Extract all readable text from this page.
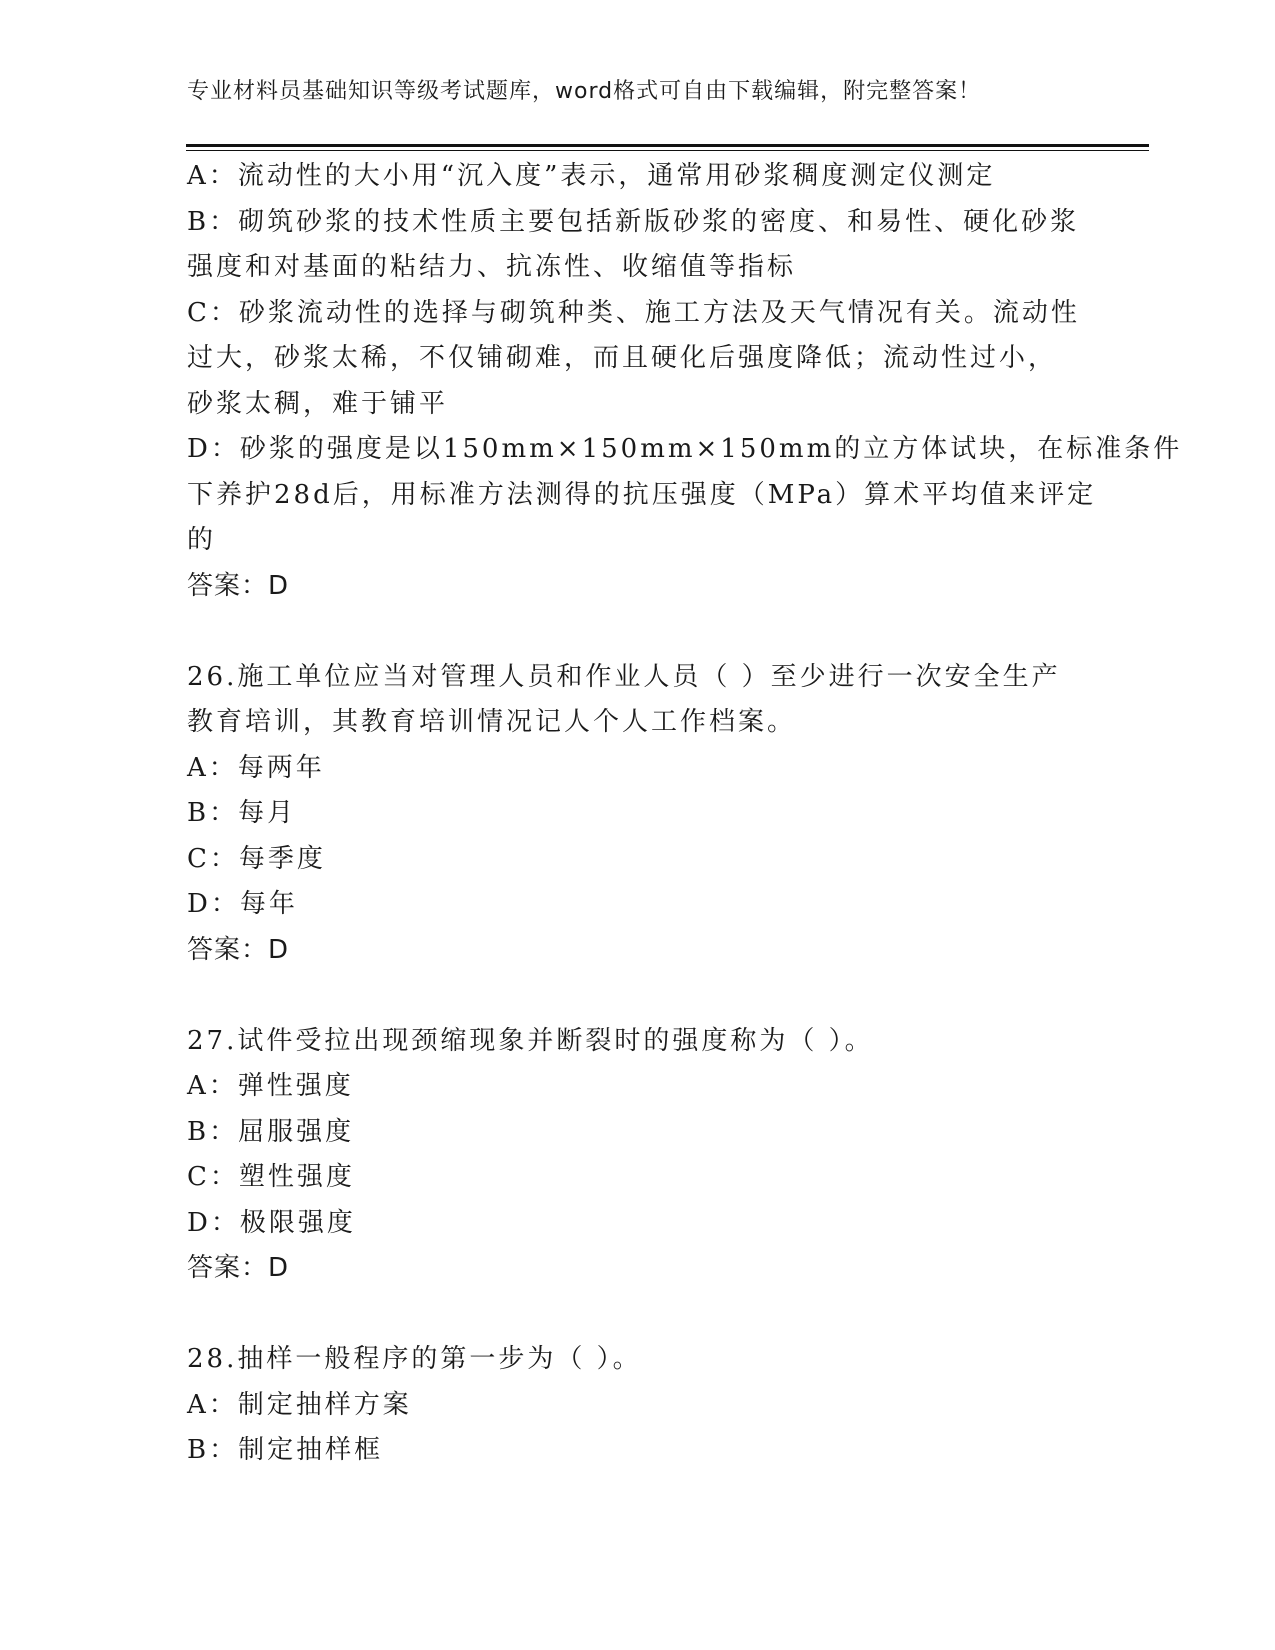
专业材料员基础知识等级考试题库，word格式可自由下载编辑，附完整答案！
A：流动性的大小用“沉入度”表示，通常用砂浆稠度测定仪测定
B：砌筑砂浆的技术性质主要包括新版砂浆的密度、和易性、硬化砂浆
强度和对基面的粘结力、抗冻性、收缩值等指标
C：砂浆流动性的选择与砌筑种类、施工方法及天气情况有关。流动性
过大，砂浆太稀，不仅铺砌难，而且硬化后强度降低；流动性过小，
砂浆太稠，难于铺平
D：砂浆的强度是以150mm×150mm×150mm的立方体试块，在标准条件
下养护28d后，用标准方法测得的抗压强度（MPa）算术平均值来评定
的
答案：D
26.施工单位应当对管理人员和作业人员（ ）至少进行一次安全生产
教育培训，其教育培训情况记人个人工作档案。
A：每两年
B：每月
C：每季度
D：每年
答案：D
27.试件受拉出现颈缩现象并断裂时的强度称为（ ）。
A：弹性强度
B：屈服强度
C：塑性强度
D：极限强度
答案：D
28.抽样一般程序的第一步为（ ）。
A：制定抽样方案
B：制定抽样框
